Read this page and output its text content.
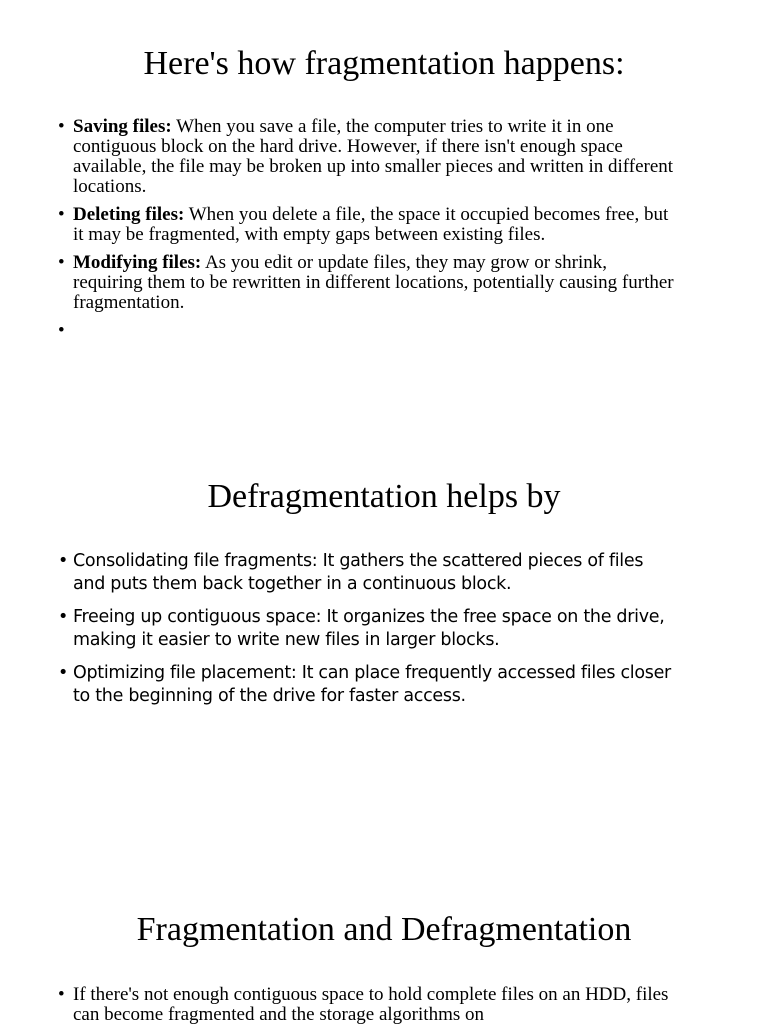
Here's how fragmentation happens:
• Saving files: When you save a file, the computer tries to write it in one contiguous block on the hard drive. However, if there isn't enough space available, the file may be broken up into smaller pieces and written in different locations.
• Deleting files: When you delete a file, the space it occupied becomes free, but it may be fragmented, with empty gaps between existing files.
• Modifying files: As you edit or update files, they may grow or shrink, requiring them to be rewritten in different locations, potentially causing further fragmentation.
•
Defragmentation helps by
• Consolidating file fragments: It gathers the scattered pieces of files and puts them back together in a continuous block.
• Freeing up contiguous space: It organizes the free space on the drive, making it easier to write new files in larger blocks.
• Optimizing file placement: It can place frequently accessed files closer to the beginning of the drive for faster access.
Fragmentation and Defragmentation
• If there's not enough contiguous space to hold complete files on an HDD, files can become fragmented and the storage algorithms on
